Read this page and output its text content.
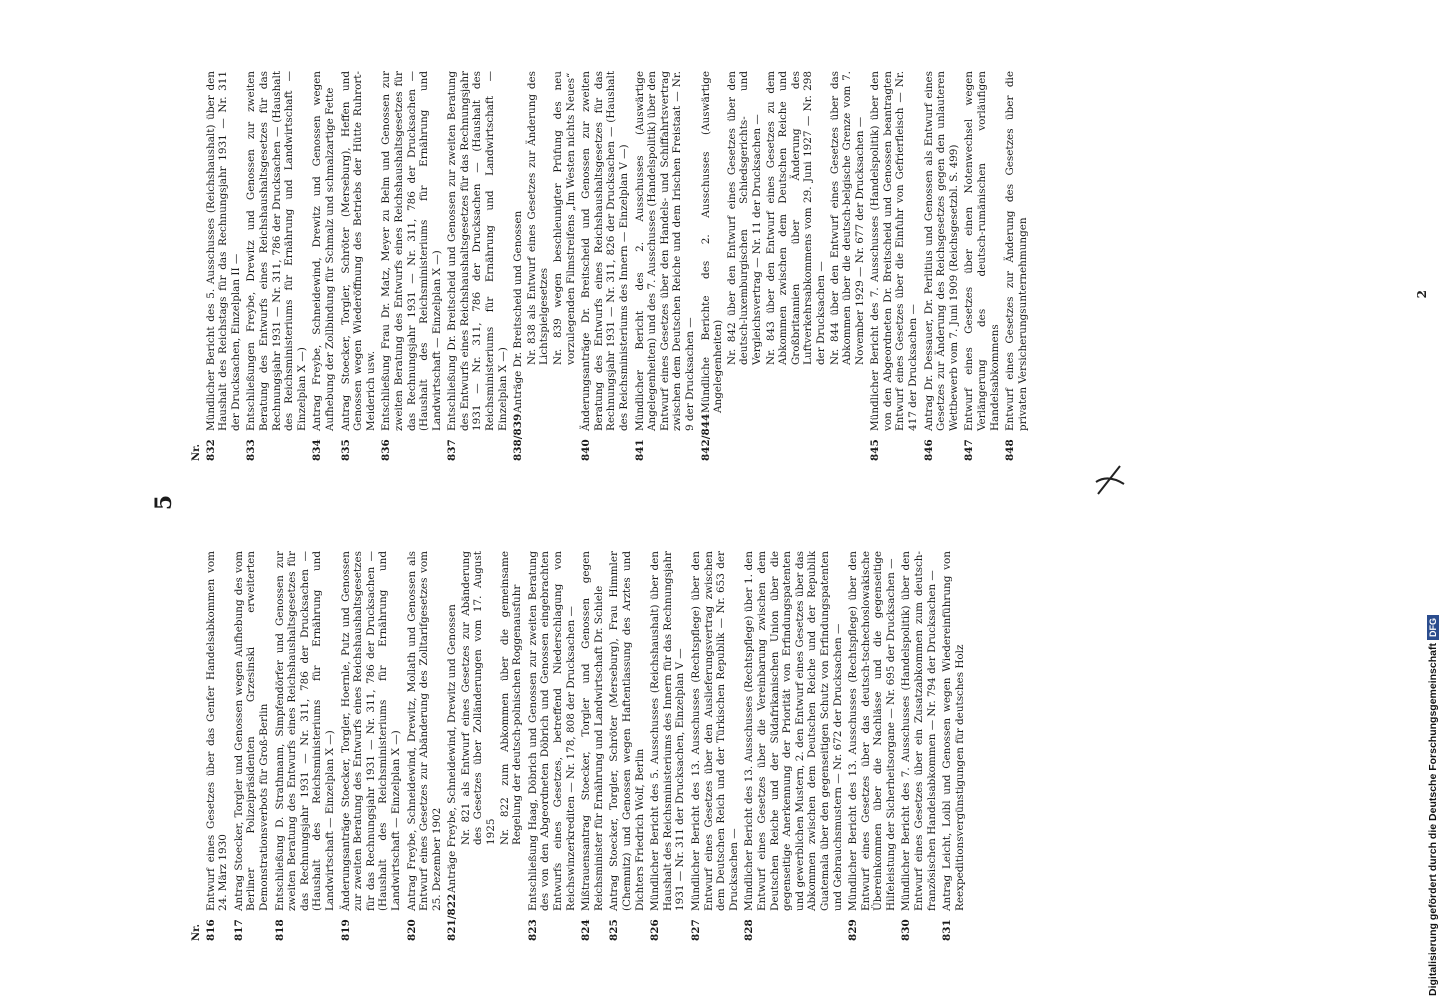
5
Nr. 816
Entwurf eines Gesetzes über das Genfer Handelsabkommen vom 24. März 1930
817
Antrag Stoecker, Torgler und Genossen wegen Aufhebung des vom Berliner Polizeipräsidenten Grzesinski erweiterten Demonstrationsverbots für Groß-Berlin
818
Entschließung D. Strathmann, Simpfendörfer und Genossen zur zweiten Beratung des Entwurfs eines Reichshaushaltsgesetzes für das Rechnungsjahr 1931 — Nr. 311, 786 der Drucksachen — (Haushalt des Reichsministeriums für Ernährung und Landwirtschaft — Einzelplan X —)
819
Änderungsanträge Stoecker, Torgler, Hoernle, Putz und Genossen zur zweiten Beratung des Entwurfs eines Reichshaushaltsgesetzes für das Rechnungsjahr 1931 — Nr. 311, 786 der Drucksachen — (Haushalt des Reichsministeriums für Ernährung und Landwirtschaft — Einzelplan X —)
820
Antrag Freybe, Schneidewind, Drewitz, Mollath und Genossen als Entwurf eines Gesetzes zur Abänderung des Zolltarifgesetzes vom 25. Dezember 1902
821/822
Anträge Freybe, Schneidewind, Drewitz und Genossen Nr. 821 als Entwurf eines Gesetzes zur Abänderung des Gesetzes über Zolländerungen vom 17. August 1925 Nr. 822 zum Abkommen über die gemeinsame Regelung der deutsch-polnischen Roggenausfuhr
823
Entschließung Haag, Döbrich und Genossen zur zweiten Beratung des von den Abgeordneten Döbrich und Genossen eingebrachten Entwurfs eines Gesetzes, betreffend Niederschlagung von Reichswinzerkrediten — Nr. 178, 808 der Drucksachen —
824
Mißtrauensantrag Stoecker, Torgler und Genossen gegen Reichsminister für Ernährung und Landwirtschaft Dr. Schiele
825
Antrag Stoecker, Torgler, Schröter (Merseburg), Frau Himmler (Chemnitz) und Genossen wegen Haftentlassung des Arztes und Dichters Friedrich Wolf, Berlin
826
Mündlicher Bericht des 5. Ausschusses (Reichshaushalt) über den Haushalt des Reichsministeriums des Innern für das Rechnungsjahr 1931 — Nr. 311 der Drucksachen, Einzelplan V —
827
Mündlicher Bericht des 13. Ausschusses (Rechtspflege) über den Entwurf eines Gesetzes über den Auslieferungsvertrag zwischen dem Deutschen Reich und der Türkischen Republik — Nr. 653 der Drucksachen —
828
Mündlicher Bericht des 13. Ausschusses (Rechtspflege) über 1. den Entwurf eines Gesetzes über die Vereinbarung zwischen dem Deutschen Reiche und der Südafrikanischen Union über die gegenseitige Anerkennung der Priorität von Erfindungspatenten und gewerblichen Mustern, 2. den Entwurf eines Gesetzes über das Abkommen zwischen dem Deutschen Reiche und der Republik Guatemala über den gegenseitigen Schutz von Erfindungspatenten und Gebrauchsmustern — Nr. 672 der Drucksachen —
829
Mündlicher Bericht des 13. Ausschusses (Rechtspflege) über den Entwurf eines Gesetzes über das deutsch-tschechoslowakische Übereinkommen über die Nachlässe und die gegenseitige Hilfeleistung der Sicherheitsorgane — Nr. 695 der Drucksachen —
830
Mündlicher Bericht des 7. Ausschusses (Handelspolitik) über den Entwurf eines Gesetzes über ein Zusatzabkommen zum deutsch-französischen Handelsabkommen — Nr. 794 der Drucksachen —
831
Antrag Leicht, Loibl und Genossen wegen Wiedereinführung von Reexpeditionsvergünstigungen für deutsches Holz
Nr. 832
Mündlicher Bericht des 5. Ausschusses (Reichshaushalt) über den Haushalt des Reichstags für das Rechnungsjahr 1931 — Nr. 311 der Drucksachen, Einzelplan II —
833
Entschließungen Freybe, Drewitz und Genossen zur zweiten Beratung des Entwurfs eines Reichshaushaltsgesetzes für das Rechnungsjahr 1931 — Nr. 311, 786 der Drucksachen — (Haushalt des Reichsministeriums für Ernährung und Landwirtschaft — Einzelplan X —)
834
Antrag Freybe, Schneidewind, Drewitz und Genossen wegen Aufhebung der Zollbindung für Schmalz und schmalzartige Fette
835
Antrag Stoecker, Torgler, Schröter (Merseburg), Heffen und Genossen wegen Wiederöffnung des Betriebs der Hütte Ruhrort-Meiderich usw.
836
Entschließung Frau Dr. Matz, Meyer zu Belm und Genossen zur zweiten Beratung des Entwurfs eines Reichshaushaltsgesetzes für das Rechnungsjahr 1931 — Nr. 311, 786 der Drucksachen — (Haushalt des Reichsministeriums für Ernährung und Landwirtschaft — Einzelplan X —)
837
Entschließung Dr. Breitscheid und Genossen zur zweiten Beratung des Entwurfs eines Reichshaushaltsgesetzes für das Rechnungsjahr 1931 — Nr. 311, 786 der Drucksachen — (Haushalt des Reichsministeriums für Ernährung und Landwirtschaft — Einzelplan X —)
838/839
Anträge Dr. Breitscheid und Genossen Nr. 838 als Entwurf eines Gesetzes zur Änderung des Lichtspielgesetzes Nr. 839 wegen beschleunigter Prüfung des neu vorzulegenden Filmstreifens „Im Westen nichts Neues“
840
Änderungsanträge Dr. Breitscheid und Genossen zur zweiten Beratung des Entwurfs eines Reichshaushaltsgesetzes für das Rechnungsjahr 1931 — Nr. 311, 826 der Drucksachen — (Haushalt des Reichsministeriums des Innern — Einzelplan V —)
841
Mündlicher Bericht des 2. Ausschusses (Auswärtige Angelegenheiten) und des 7. Ausschusses (Handelspolitik) über den Entwurf eines Gesetzes über den Handels- und Schiffahrtsvertrag zwischen dem Deutschen Reiche und dem Irischen Freistaat — Nr. 9 der Drucksachen —
842/844
Mündliche Berichte des 2. Ausschusses (Auswärtige Angelegenheiten)
Nr. 842 über den Entwurf eines Gesetzes über den deutsch-luxemburgischen Schiedsgerichts- und Vergleichsvertrag — Nr. 11 der Drucksachen — Nr. 843 über den Entwurf eines Gesetzes zu dem Abkommen zwischen dem Deutschen Reiche und Großbritannien über Änderung des Luftverkehrsabkommens vom 29. Juni 1927 — Nr. 298 der Drucksachen — Nr. 844 über den Entwurf eines Gesetzes über das Abkommen über die deutsch-belgische Grenze vom 7. November 1929 — Nr. 677 der Drucksachen —
845
Mündlicher Bericht des 7. Ausschusses (Handelspolitik) über den von den Abgeordneten Dr. Breitscheid und Genossen beantragten Entwurf eines Gesetzes über die Einfuhr von Gefrierfleisch — Nr. 417 der Drucksachen —
846
Antrag Dr. Dessauer, Dr. Perlitius und Genossen als Entwurf eines Gesetzes zur Änderung des Reichsgesetzes gegen den unlauteren Wettbewerb vom 7. Juni 1909 (Reichsgesetzbl. S. 499)
847
Entwurf eines Gesetzes über einen Notenwechsel wegen Verlängerung des deutsch-rumänischen vorläufigen Handelsabkommens
848
Entwurf eines Gesetzes zur Änderung des Gesetzes über die privaten Versicherungsunternehmungen	2
Digitalisierung gefördert durch die Deutsche ForschungsgemeinschaftDFG
